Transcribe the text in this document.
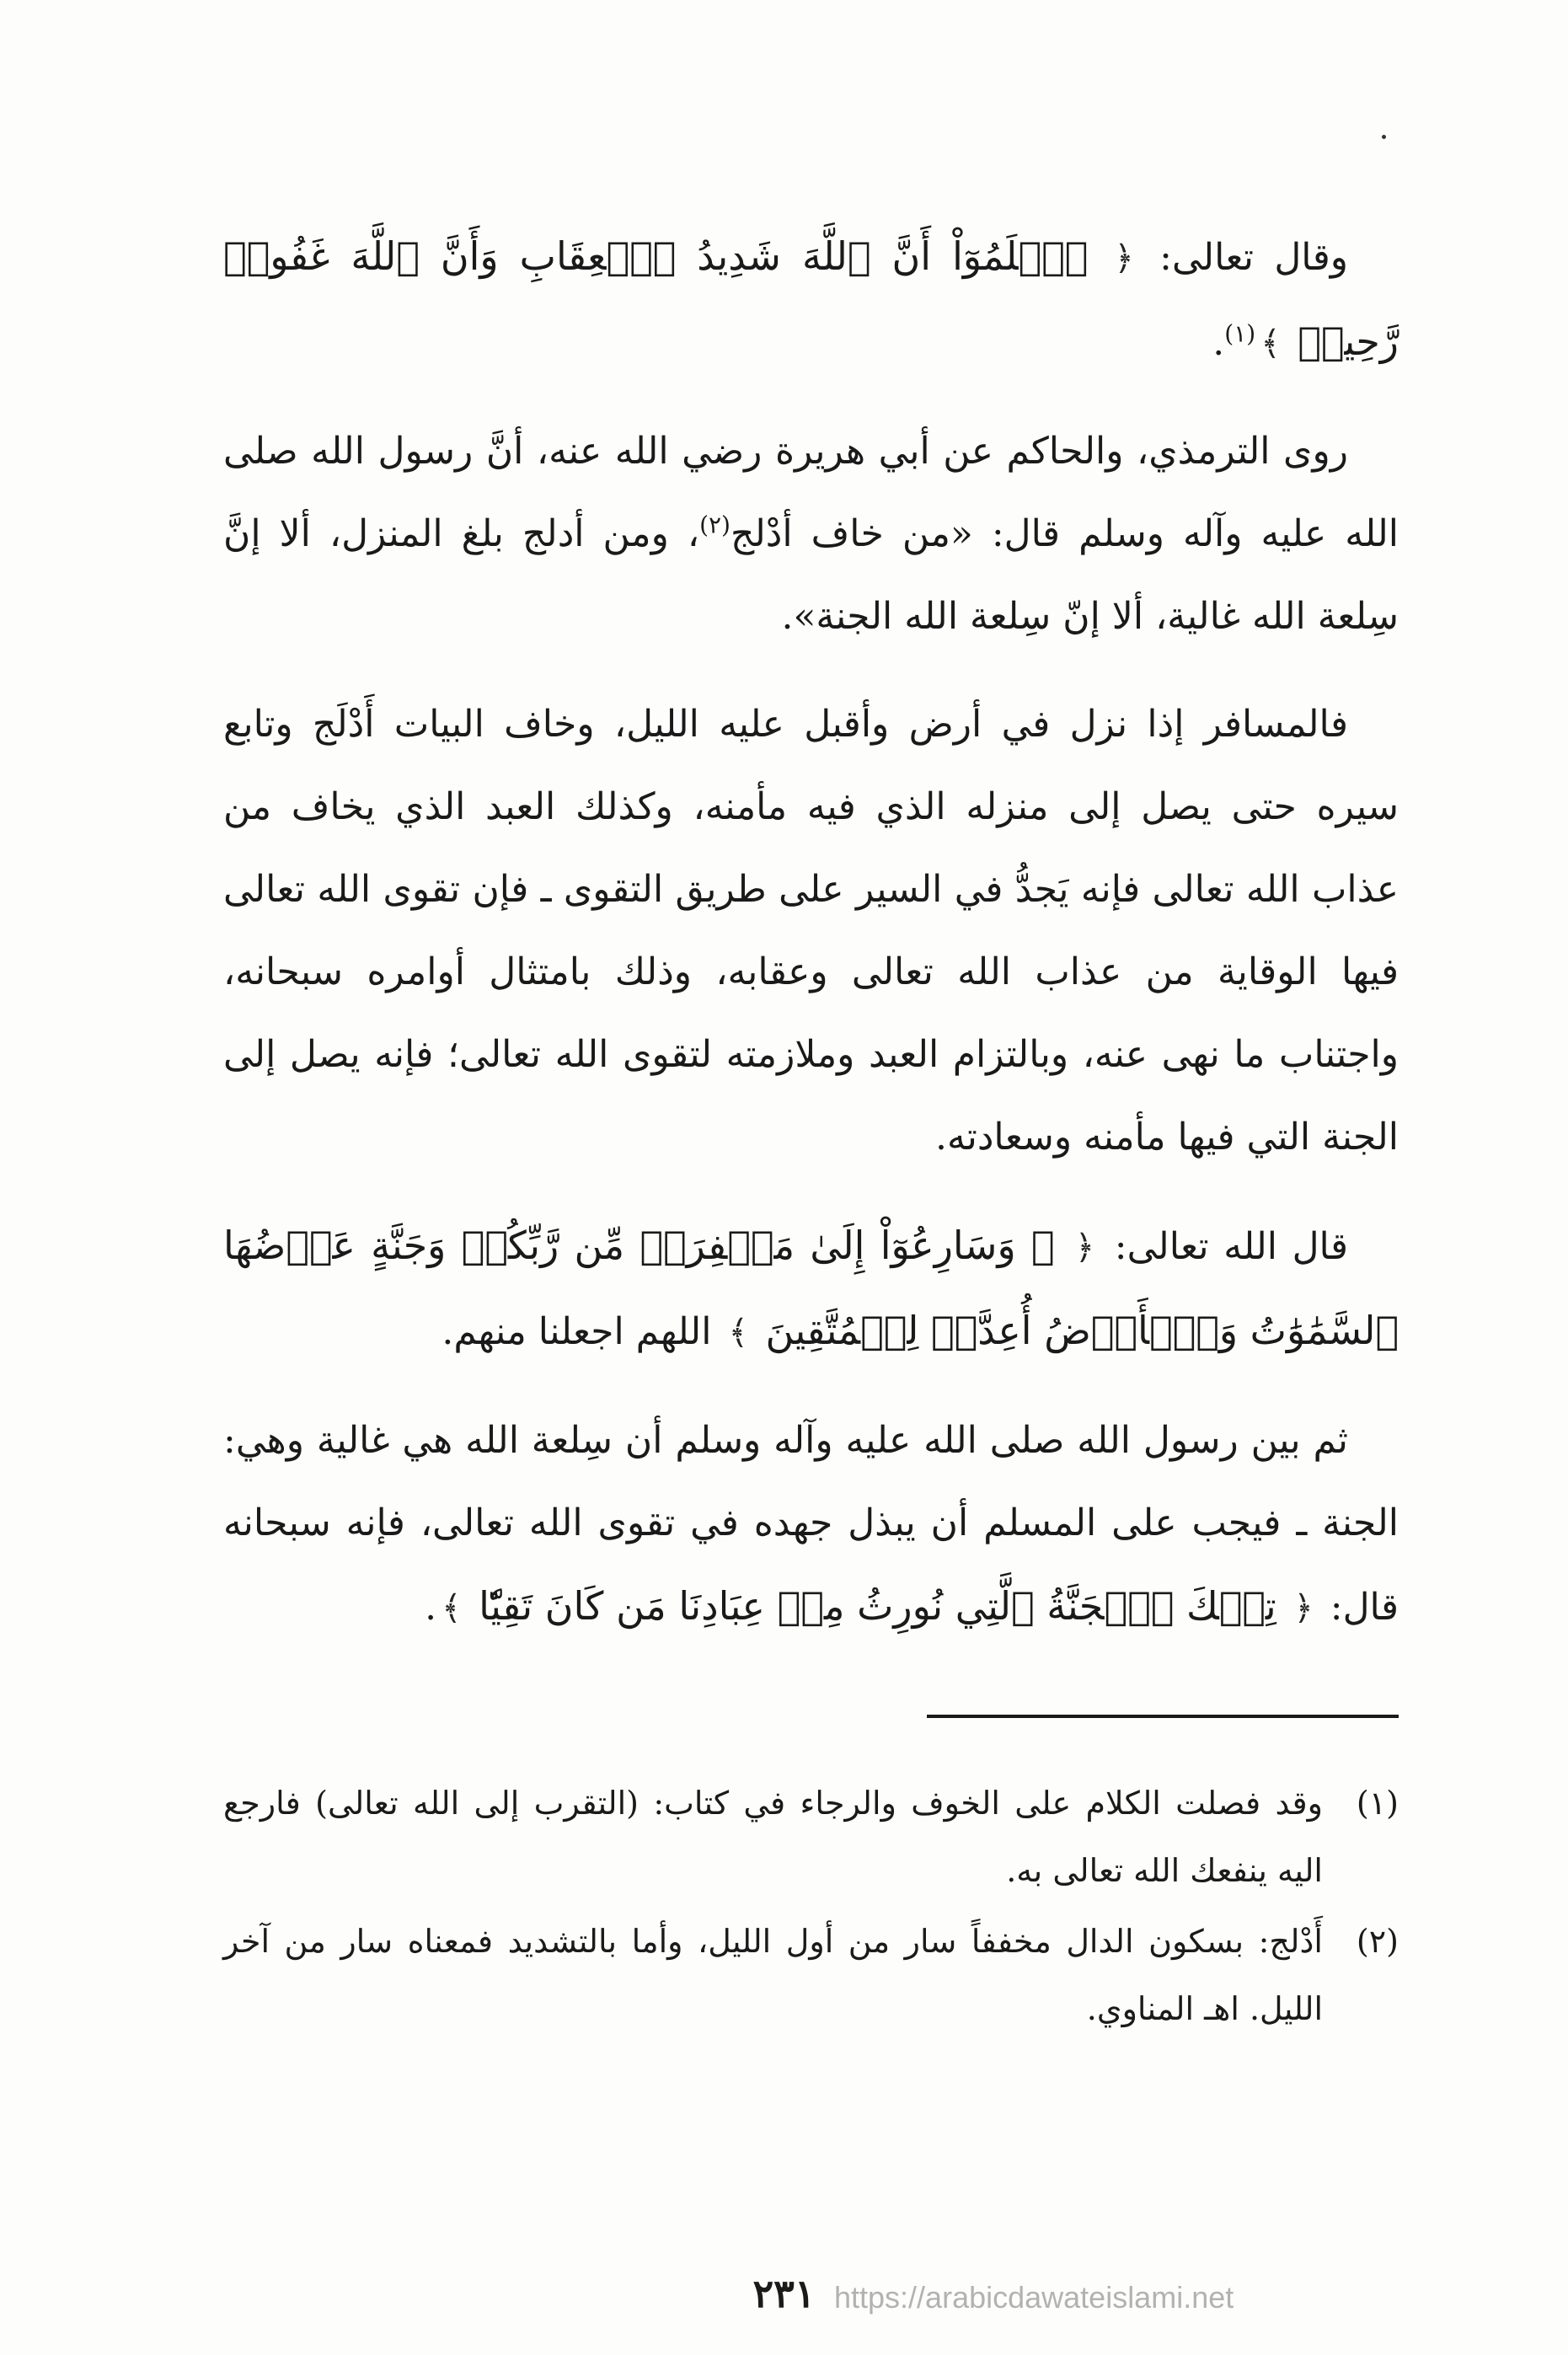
وقال تعالى: ﴿ ٱعۡلَمُوٓاْ أَنَّ ٱللَّهَ شَدِيدُ ٱلۡعِقَابِ وَأَنَّ ٱللَّهَ غَفُورٞ رَّحِيمٞ ﴾$^{(١)}$.

روى الترمذي، والحاكم عن أبي هريرة رضي الله عنه، أنَّ رسول الله صلى الله عليه وآله وسلم قال: «من خاف أدْلج$^{(٢)}$، ومن أدلج بلغ المنزل، ألا إنَّ سِلعة الله غالية، ألا إنّ سِلعة الله الجنة».

فالمسافر إذا نزل في أرض وأقبل عليه الليل، وخاف البيات أَدْلَج وتابع سيره حتى يصل إلى منزله الذي فيه مأمنه، وكذلك العبد الذي يخاف من عذاب الله تعالى فإنه يَجدُّ في السير على طريق التقوى ـ فإن تقوى الله تعالى فيها الوقاية من عذاب الله تعالى وعقابه، وذلك بامتثال أوامره سبحانه، واجتناب ما نهى عنه، وبالتزام العبد وملازمته لتقوى الله تعالى؛ فإنه يصل إلى الجنة التي فيها مأمنه وسعادته.

قال الله تعالى: ﴿ ۞ وَسَارِعُوٓاْ إِلَىٰ مَغۡفِرَةٖ مِّن رَّبِّكُمۡ وَجَنَّةٍ عَرۡضُهَا ٱلسَّمَٰوَٰتُ وَٱلۡأَرۡضُ أُعِدَّتۡ لِلۡمُتَّقِينَ ﴾ اللهم اجعلنا منهم.

ثم بين رسول الله صلى الله عليه وآله وسلم أن سِلعة الله هي غالية وهي: الجنة ـ فيجب على المسلم أن يبذل جهده في تقوى الله تعالى، فإنه سبحانه قال: ﴿ تِلۡكَ ٱلۡجَنَّةُ ٱلَّتِي نُورِثُ مِنۡ عِبَادِنَا مَن كَانَ تَقِيّٗا ﴾.

(١)
وقد فصلت الكلام على الخوف والرجاء في كتاب: (التقرب إلى الله تعالى) فارجع اليه ينفعك الله تعالى به.
(٢)
أَدْلج: بسكون الدال مخففاً سار من أول الليل، وأما بالتشديد فمعناه سار من آخر الليل. اهـ المناوي.
٢٣١ https://arabicdawateislami.net
